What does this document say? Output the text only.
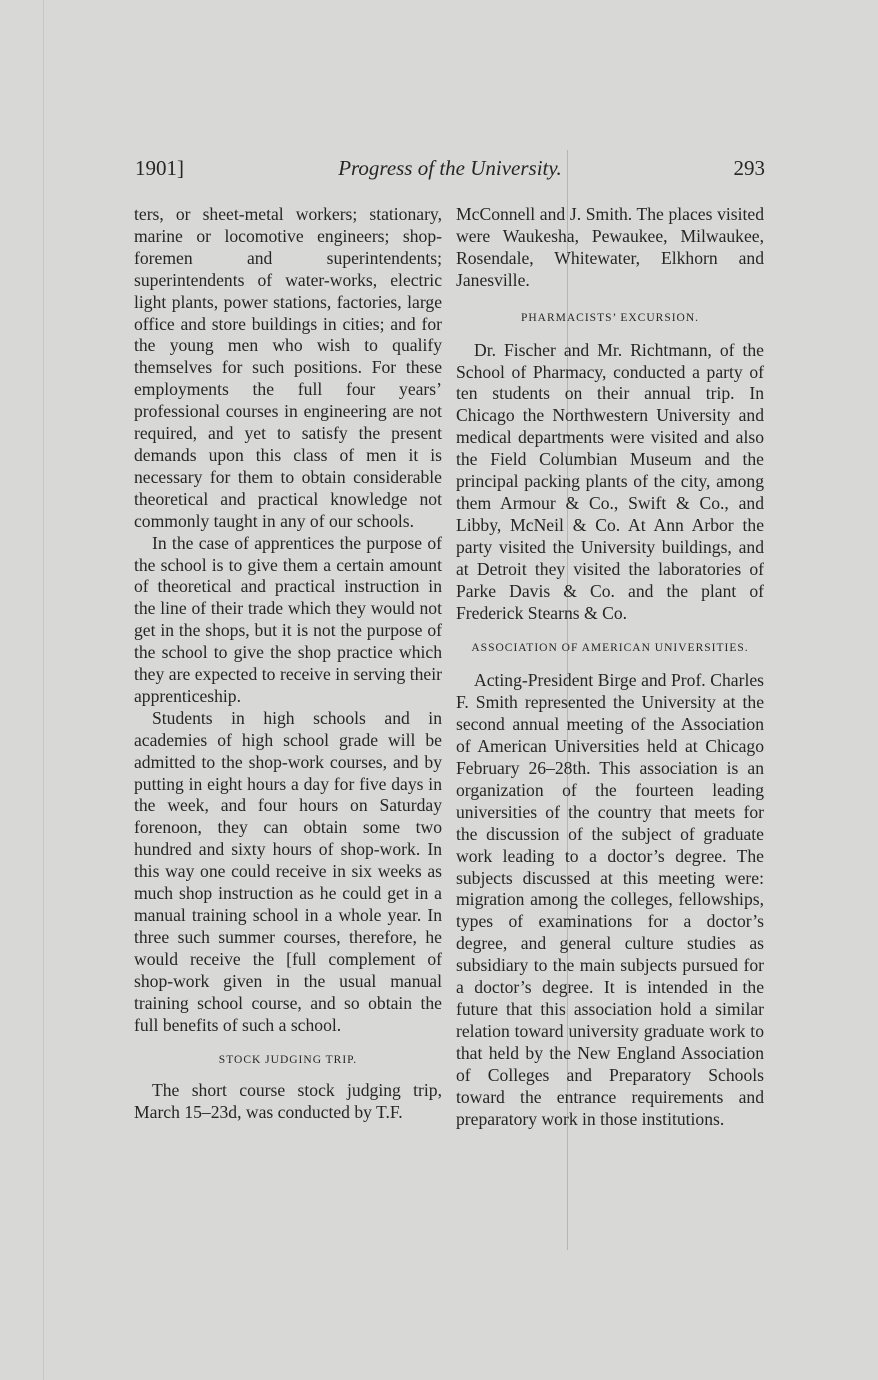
1901]	Progress of the University.	293

ters, or sheet-metal workers; stationary, marine or locomotive engineers; shop-foremen and superintendents; superintendents of water-works, electric light plants, power stations, factories, large office and store buildings in cities; and for the young men who wish to qualify themselves for such positions. For these employments the full four years’ professional courses in engineering are not required, and yet to satisfy the present demands upon this class of men it is necessary for them to obtain considerable theoretical and practical knowledge not commonly taught in any of our schools.

In the case of apprentices the purpose of the school is to give them a certain amount of theoretical and practical instruction in the line of their trade which they would not get in the shops, but it is not the purpose of the school to give the shop practice which they are expected to receive in serving their apprenticeship.

Students in high schools and in academies of high school grade will be admitted to the shop-work courses, and by putting in eight hours a day for five days in the week, and four hours on Saturday forenoon, they can obtain some two hundred and sixty hours of shop-work. In this way one could receive in six weeks as much shop instruction as he could get in a manual training school in a whole year. In three such summer courses, therefore, he would receive the [full complement of shop-work given in the usual manual training school course, and so obtain the full benefits of such a school.

STOCK JUDGING TRIP.

The short course stock judging trip, March 15–23d, was conducted by T.F.

McConnell and J. Smith. The places visited were Waukesha, Pewaukee, Milwaukee, Rosendale, Whitewater, Elkhorn and Janesville.

PHARMACISTS’ EXCURSION.

Dr. Fischer and Mr. Richtmann, of the School of Pharmacy, conducted a party of ten students on their annual trip. In Chicago the Northwestern University and medical departments were visited and also the Field Columbian Museum and the principal packing plants of the city, among them Armour & Co., Swift & Co., and Libby, McNeil & Co. At Ann Arbor the party visited the University buildings, and at Detroit they visited the laboratories of Parke Davis & Co. and the plant of Frederick Stearns & Co.

ASSOCIATION OF AMERICAN UNIVERSITIES.

Acting-President Birge and Prof. Charles F. Smith represented the University at the second annual meeting of the Association of American Universities held at Chicago February 26–28th. This association is an organization of the fourteen leading universities of the country that meets for the discussion of the subject of graduate work leading to a doctor’s degree. The subjects discussed at this meeting were: migration among the colleges, fellowships, types of examinations for a doctor’s degree, and general culture studies as subsidiary to the main subjects pursued for a doctor’s degree. It is intended in the future that this association hold a similar relation toward university graduate work to that held by the New England Association of Colleges and Preparatory Schools toward the entrance requirements and preparatory work in those institutions.
